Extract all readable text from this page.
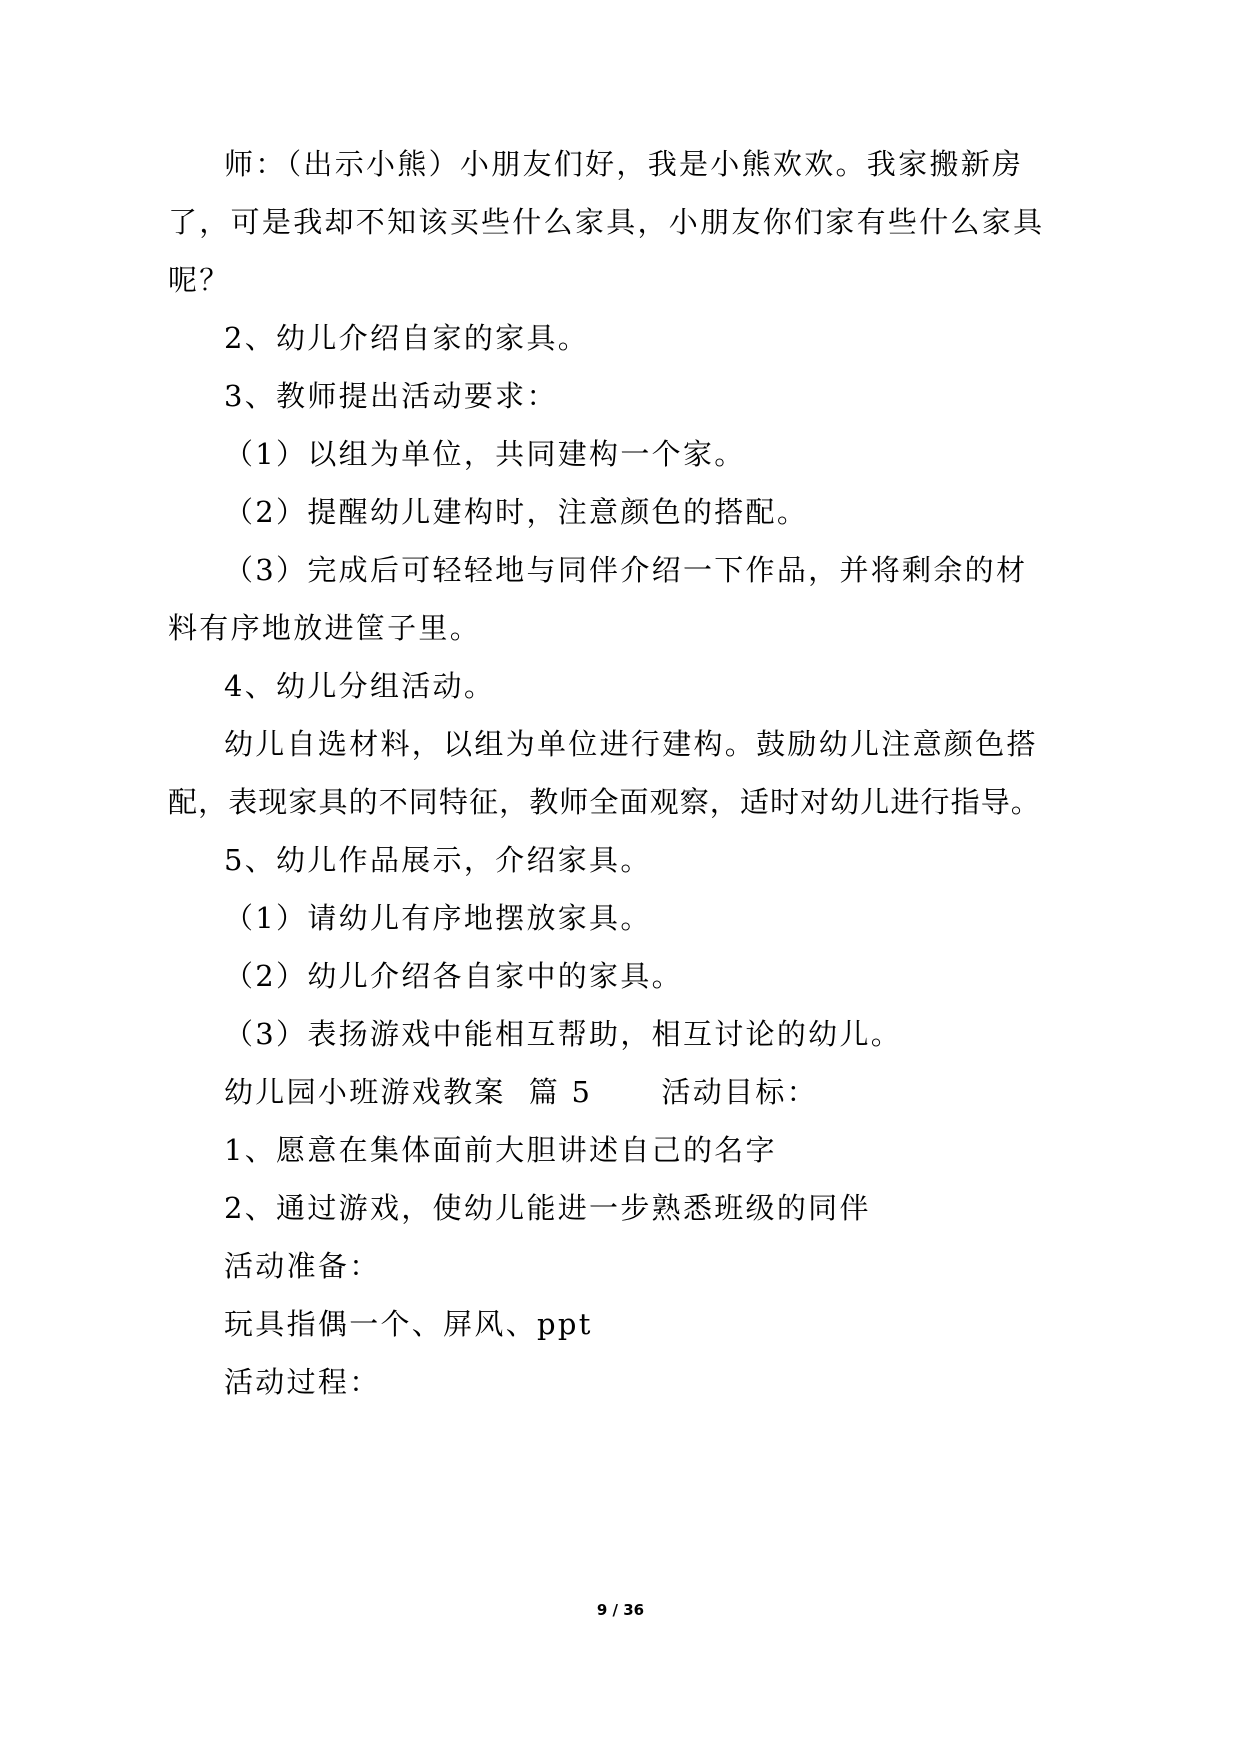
师：（出示小熊）小朋友们好，我是小熊欢欢。我家搬新房
了，可是我却不知该买些什么家具，小朋友你们家有些什么家具
呢？
2、幼儿介绍自家的家具。
3、教师提出活动要求：
（1）以组为单位，共同建构一个家。
（2）提醒幼儿建构时，注意颜色的搭配。
（3）完成后可轻轻地与同伴介绍一下作品，并将剩余的材
料有序地放进筐子里。
4、幼儿分组活动。
幼儿自选材料，以组为单位进行建构。鼓励幼儿注意颜色搭
配，表现家具的不同特征，教师全面观察，适时对幼儿进行指导。
5、幼儿作品展示，介绍家具。
（1）请幼儿有序地摆放家具。
（2）幼儿介绍各自家中的家具。
（3）表扬游戏中能相互帮助，相互讨论的幼儿。
幼儿园小班游戏教案  篇 5      活动目标：
1、愿意在集体面前大胆讲述自己的名字
2、通过游戏，使幼儿能进一步熟悉班级的同伴
活动准备：
玩具指偶一个、屏风、ppt
活动过程：
9 / 36
